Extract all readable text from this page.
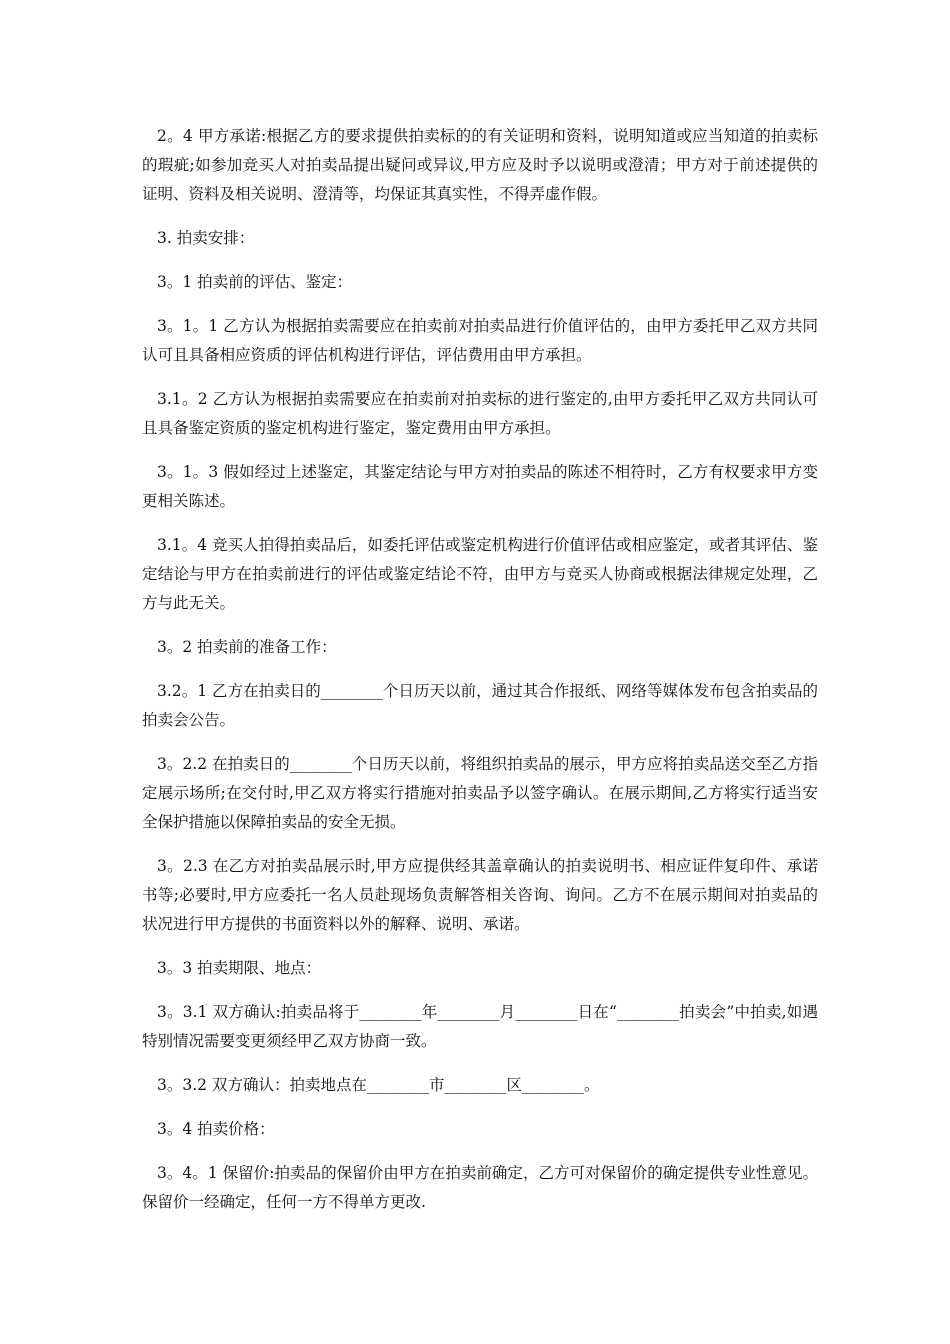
2。4 甲方承诺:根据乙方的要求提供拍卖标的的有关证明和资料，说明知道或应当知道的拍卖标的瑕疵;如参加竞买人对拍卖品提出疑问或异议,甲方应及时予以说明或澄清；甲方对于前述提供的证明、资料及相关说明、澄清等，均保证其真实性，不得弄虚作假。

3. 拍卖安排：

3。1 拍卖前的评估、鉴定：

3。1。1 乙方认为根据拍卖需要应在拍卖前对拍卖品进行价值评估的，由甲方委托甲乙双方共同认可且具备相应资质的评估机构进行评估，评估费用由甲方承担。

3.1。2 乙方认为根据拍卖需要应在拍卖前对拍卖标的进行鉴定的,由甲方委托甲乙双方共同认可且具备鉴定资质的鉴定机构进行鉴定，鉴定费用由甲方承担。

3。1。3 假如经过上述鉴定，其鉴定结论与甲方对拍卖品的陈述不相符时，乙方有权要求甲方变更相关陈述。

3.1。4 竞买人拍得拍卖品后，如委托评估或鉴定机构进行价值评估或相应鉴定，或者其评估、鉴定结论与甲方在拍卖前进行的评估或鉴定结论不符，由甲方与竞买人协商或根据法律规定处理，乙方与此无关。

3。2 拍卖前的准备工作：

3.2。1 乙方在拍卖日的________个日历天以前，通过其合作报纸、网络等媒体发布包含拍卖品的拍卖会公告。

3。2.2 在拍卖日的________个日历天以前，将组织拍卖品的展示，甲方应将拍卖品送交至乙方指定展示场所;在交付时,甲乙双方将实行措施对拍卖品予以签字确认。在展示期间,乙方将实行适当安全保护措施以保障拍卖品的安全无损。

3。2.3 在乙方对拍卖品展示时,甲方应提供经其盖章确认的拍卖说明书、相应证件复印件、承诺书等;必要时,甲方应委托一名人员赴现场负责解答相关咨询、询问。乙方不在展示期间对拍卖品的状况进行甲方提供的书面资料以外的解释、说明、承诺。

3。3 拍卖期限、地点：

3。3.1 双方确认:拍卖品将于________年________月________日在“________拍卖会”中拍卖,如遇特别情况需要变更须经甲乙双方协商一致。

3。3.2 双方确认：拍卖地点在________市________区________。

3。4 拍卖价格：

3。4。1 保留价:拍卖品的保留价由甲方在拍卖前确定，乙方可对保留价的确定提供专业性意见。保留价一经确定，任何一方不得单方更改.
